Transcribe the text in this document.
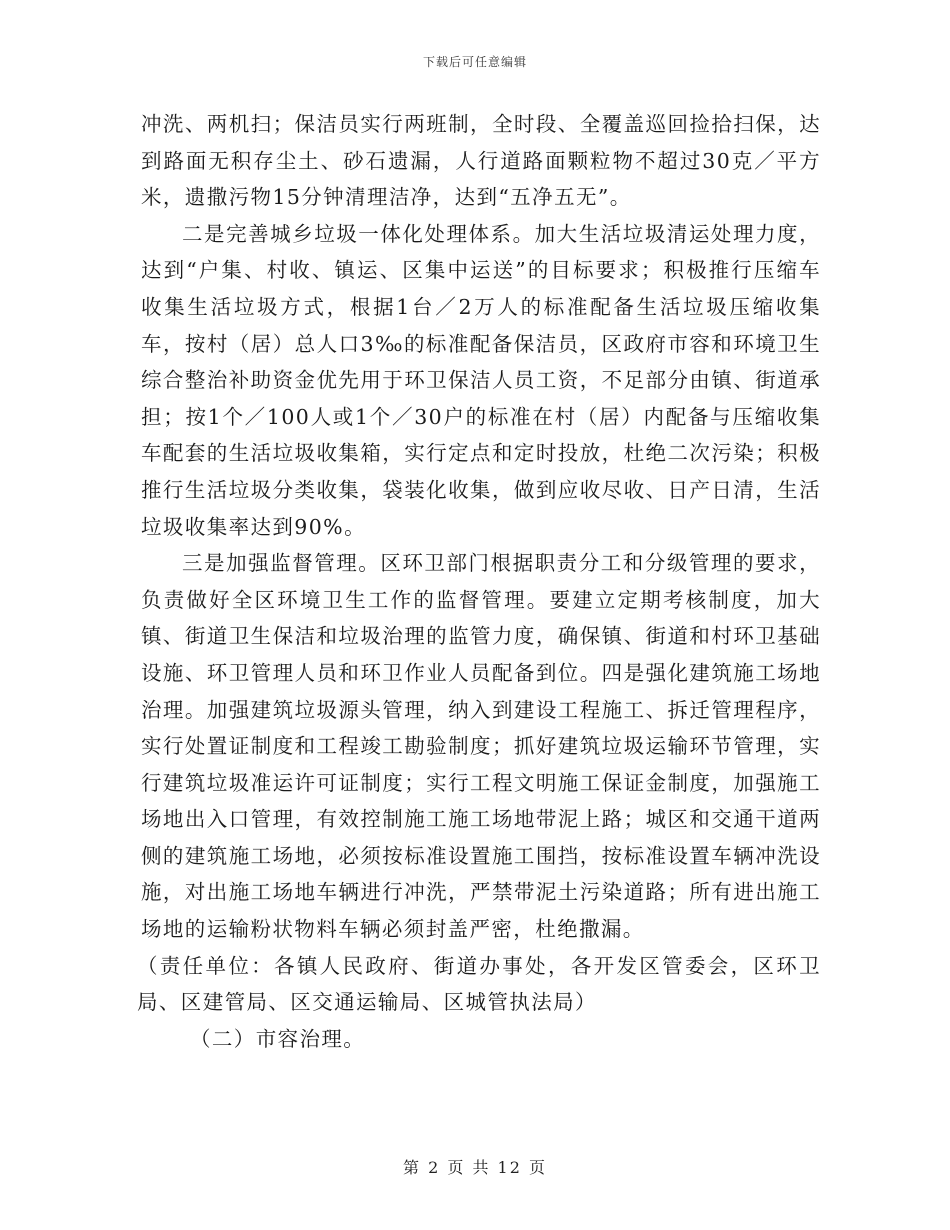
下载后可任意编辑

冲洗、两机扫；保洁员实行两班制，全时段、全覆盖巡回捡拾扫保，达到路面无积存尘土、砂石遗漏，人行道路面颗粒物不超过30克／平方米，遗撒污物15分钟清理洁净，达到“五净五无”。

二是完善城乡垃圾一体化处理体系。加大生活垃圾清运处理力度，达到“户集、村收、镇运、区集中运送”的目标要求；积极推行压缩车收集生活垃圾方式，根据1台／2万人的标准配备生活垃圾压缩收集车，按村（居）总人口3‰的标准配备保洁员，区政府市容和环境卫生综合整治补助资金优先用于环卫保洁人员工资，不足部分由镇、街道承担；按1个／100人或1个／30户的标准在村（居）内配备与压缩收集车配套的生活垃圾收集箱，实行定点和定时投放，杜绝二次污染；积极推行生活垃圾分类收集，袋装化收集，做到应收尽收、日产日清，生活垃圾收集率达到90%。

三是加强监督管理。区环卫部门根据职责分工和分级管理的要求，负责做好全区环境卫生工作的监督管理。要建立定期考核制度，加大镇、街道卫生保洁和垃圾治理的监管力度，确保镇、街道和村环卫基础设施、环卫管理人员和环卫作业人员配备到位。四是强化建筑施工场地治理。加强建筑垃圾源头管理，纳入到建设工程施工、拆迁管理程序，实行处置证制度和工程竣工勘验制度；抓好建筑垃圾运输环节管理，实行建筑垃圾准运许可证制度；实行工程文明施工保证金制度，加强施工场地出入口管理，有效控制施工施工场地带泥上路；城区和交通干道两侧的建筑施工场地，必须按标准设置施工围挡，按标准设置车辆冲洗设施，对出施工场地车辆进行冲洗，严禁带泥土污染道路；所有进出施工场地的运输粉状物料车辆必须封盖严密，杜绝撒漏。

（责任单位：各镇人民政府、街道办事处，各开发区管委会，区环卫局、区建管局、区交通运输局、区城管执法局）

（二）市容治理。

第 2 页 共 12 页
